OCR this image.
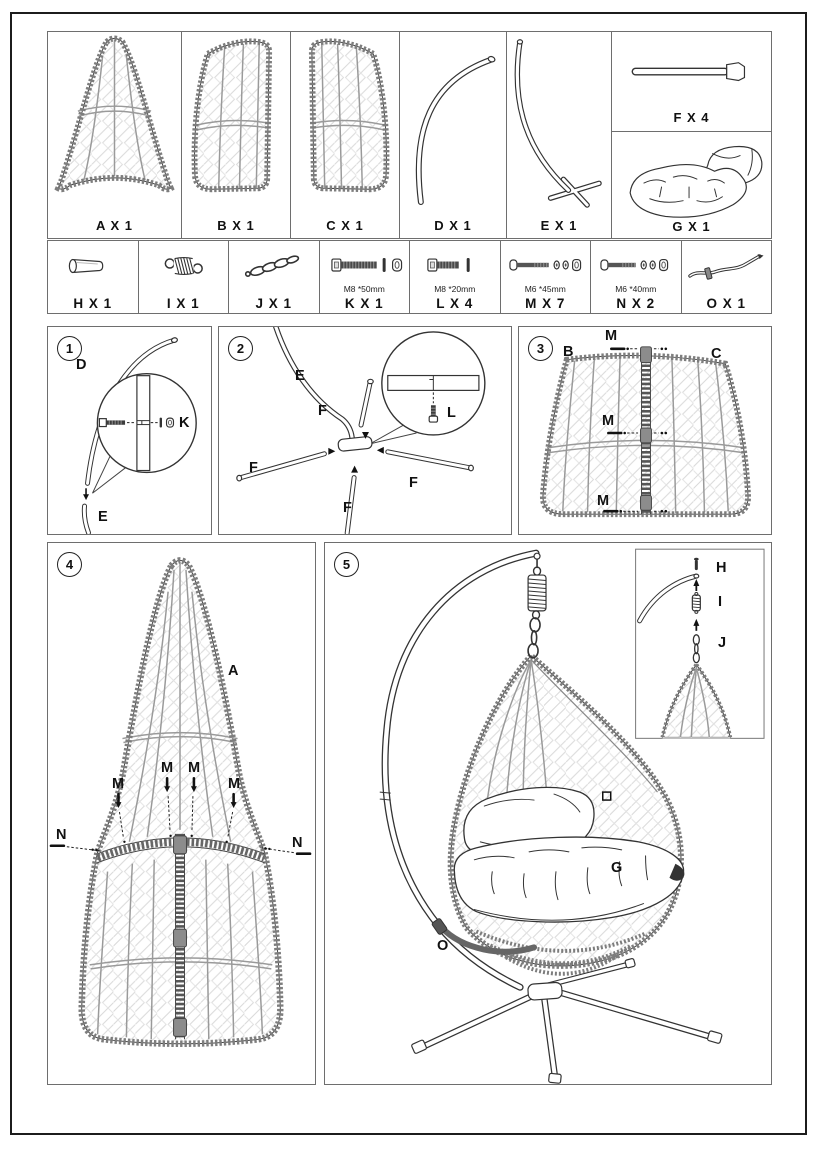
A X 1	B X 1	C X 1	D X 1	E X 1
F X 4
G X 1
H X 1	I X 1	J X 1
M8 *50mm
K X 1
M8 *20mm
L X 4
M6 *45mm
M X 7
M6 *40mm
N X 2	O X 1
1
D
E
K
2
E
F
F
F
F
L
3	B	C
M
M
M
4
A
M
M M
M
N	N
5
G
O
H
I
J
